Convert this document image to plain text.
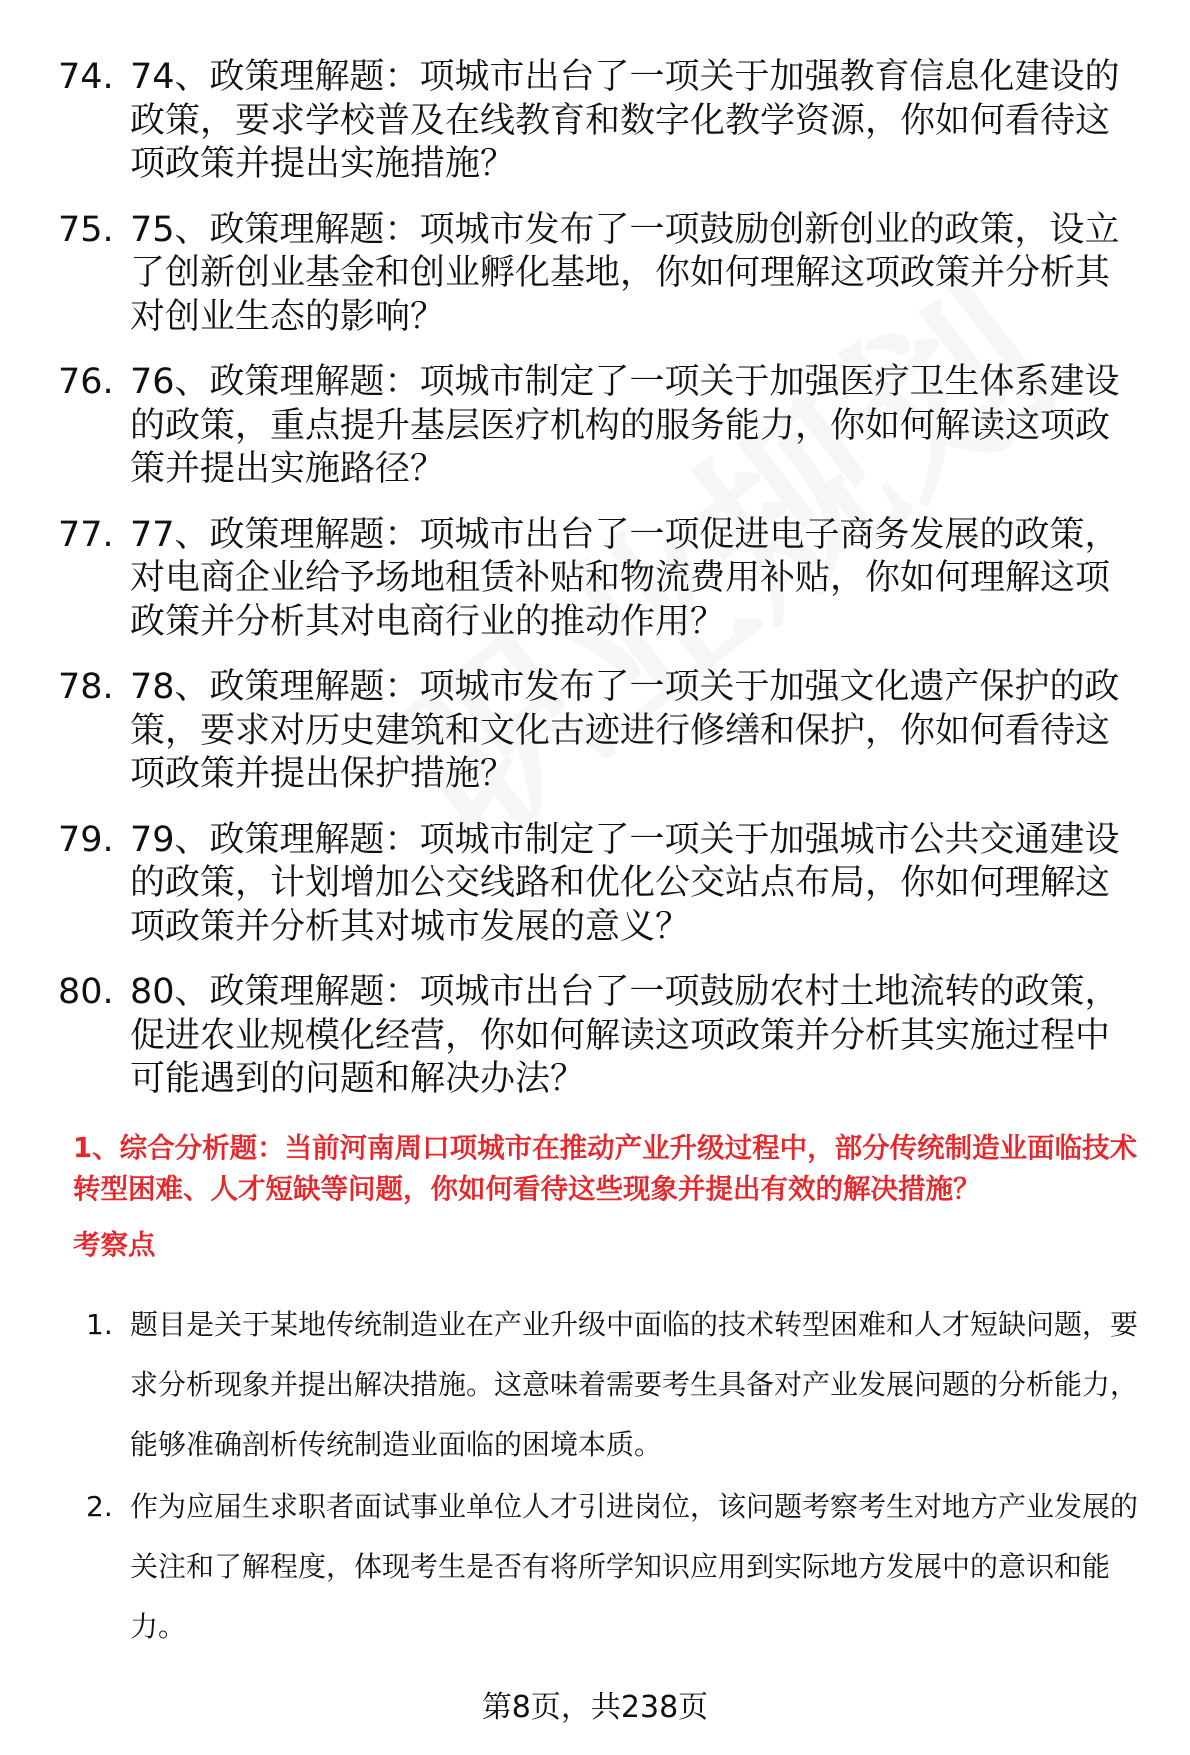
74. 74、政策理解题：项城市出台了一项关于加强教育信息化建设的政策，要求学校普及在线教育和数字化教学资源，你如何看待这项政策并提出实施措施？
75. 75、政策理解题：项城市发布了一项鼓励创新创业的政策，设立了创新创业基金和创业孵化基地，你如何理解这项政策并分析其对创业生态的影响？
76. 76、政策理解题：项城市制定了一项关于加强医疗卫生体系建设的政策，重点提升基层医疗机构的服务能力，你如何解读这项政策并提出实施路径？
77. 77、政策理解题：项城市出台了一项促进电子商务发展的政策，对电商企业给予场地租赁补贴和物流费用补贴，你如何理解这项政策并分析其对电商行业的推动作用？
78. 78、政策理解题：项城市发布了一项关于加强文化遗产保护的政策，要求对历史建筑和文化古迹进行修缮和保护，你如何看待这项政策并提出保护措施？
79. 79、政策理解题：项城市制定了一项关于加强城市公共交通建设的政策，计划增加公交线路和优化公交站点布局，你如何理解这项政策并分析其对城市发展的意义？
80. 80、政策理解题：项城市出台了一项鼓励农村土地流转的政策，促进农业规模化经营，你如何解读这项政策并分析其实施过程中可能遇到的问题和解决办法？
1、综合分析题：当前河南周口项城市在推动产业升级过程中，部分传统制造业面临技术转型困难、人才短缺等问题，你如何看待这些现象并提出有效的解决措施？
考察点
1. 题目是关于某地传统制造业在产业升级中面临的技术转型困难和人才短缺问题，要求分析现象并提出解决措施。这意味着需要考生具备对产业发展问题的分析能力，能够准确剖析传统制造业面临的困境本质。
2. 作为应届生求职者面试事业单位人才引进岗位，该问题考察考生对地方产业发展的关注和了解程度，体现考生是否有将所学知识应用到实际地方发展中的意识和能力。
第8页，共238页
